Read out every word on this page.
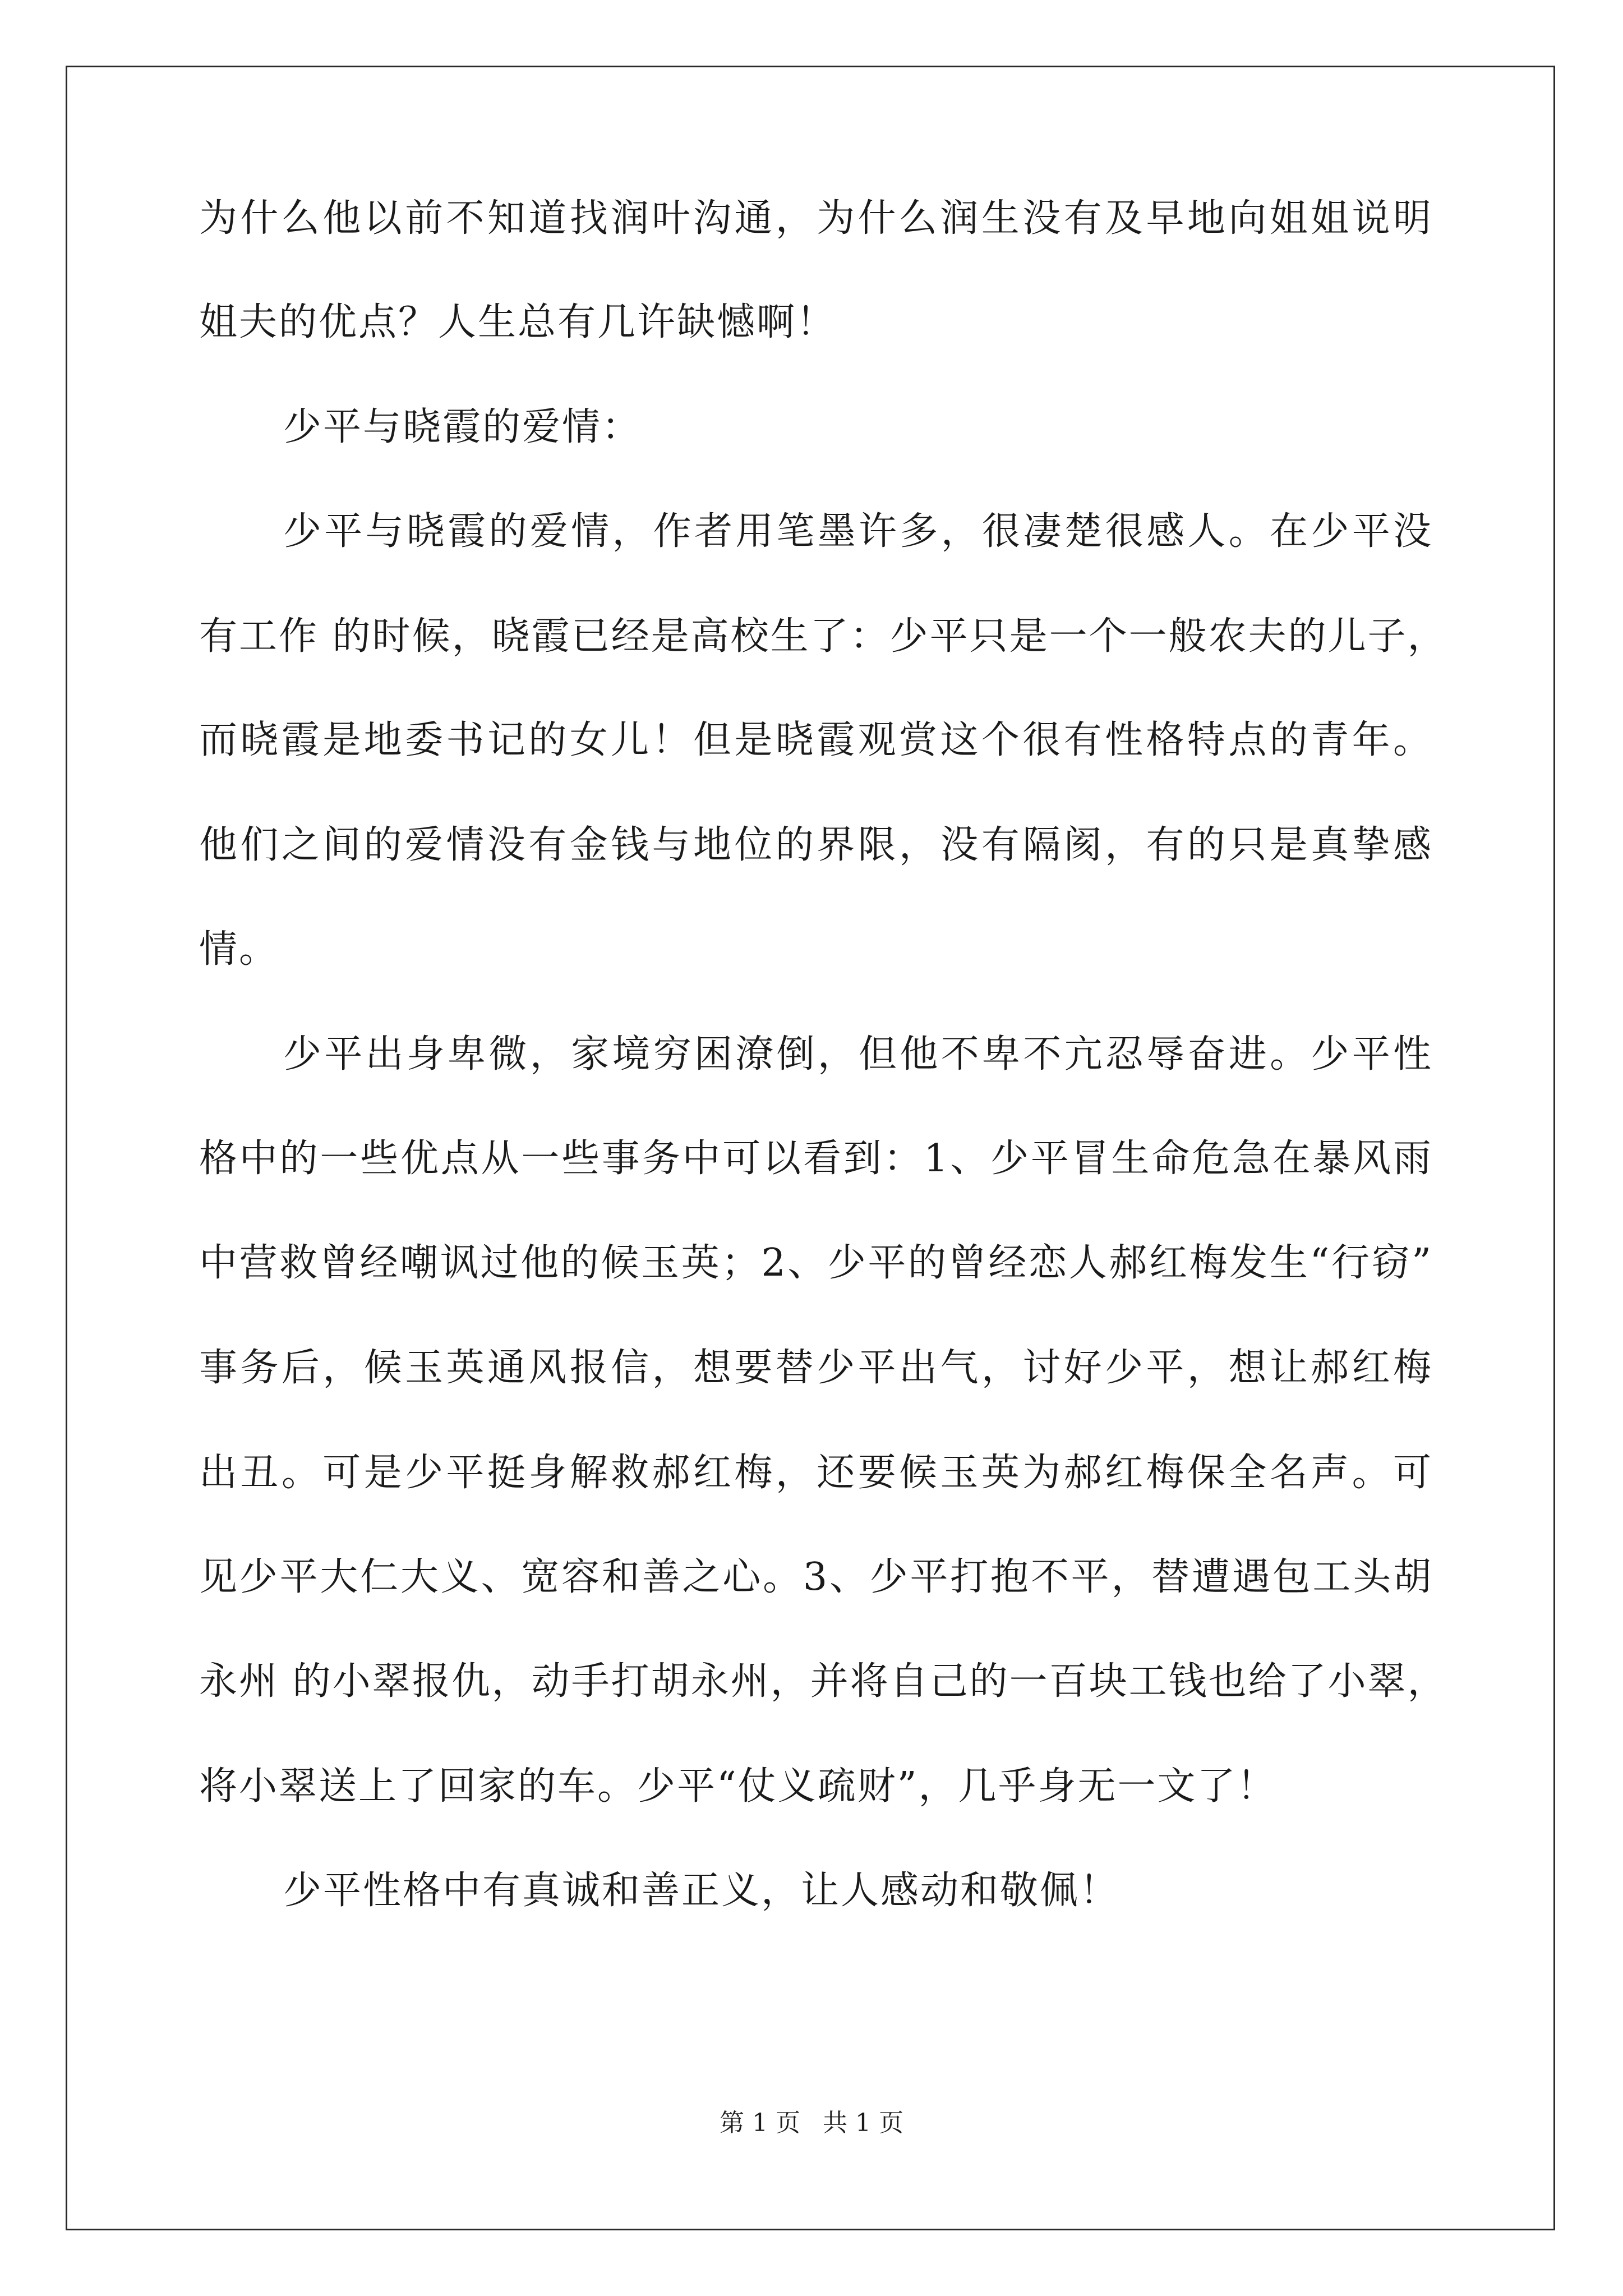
为什么他以前不知道找润叶沟通，为什么润生没有及早地向姐姐说明
姐夫的优点？人生总有几许缺憾啊！
少平与晓霞的爱情：
少平与晓霞的爱情，作者用笔墨许多，很凄楚很感人。在少平没
有工作 的时候，晓霞已经是高校生了：少平只是一个一般农夫的儿子，
而晓霞是地委书记的女儿！但是晓霞观赏这个很有性格特点的青年。
他们之间的爱情没有金钱与地位的界限，没有隔阂，有的只是真挚感
情。
少平出身卑微，家境穷困潦倒，但他不卑不亢忍辱奋进。少平性
格中的一些优点从一些事务中可以看到：1、少平冒生命危急在暴风雨
中营救曾经嘲讽过他的候玉英；2、少平的曾经恋人郝红梅发生“行窃”
事务后，候玉英通风报信，想要替少平出气，讨好少平，想让郝红梅
出丑。可是少平挺身解救郝红梅，还要候玉英为郝红梅保全名声。可
见少平大仁大义、宽容和善之心。3、少平打抱不平，替遭遇包工头胡
永州 的小翠报仇，动手打胡永州，并将自己的一百块工钱也给了小翠，
将小翠送上了回家的车。少平“仗义疏财”，几乎身无一文了！
少平性格中有真诚和善正义，让人感动和敬佩！
第 1 页 共 1 页
